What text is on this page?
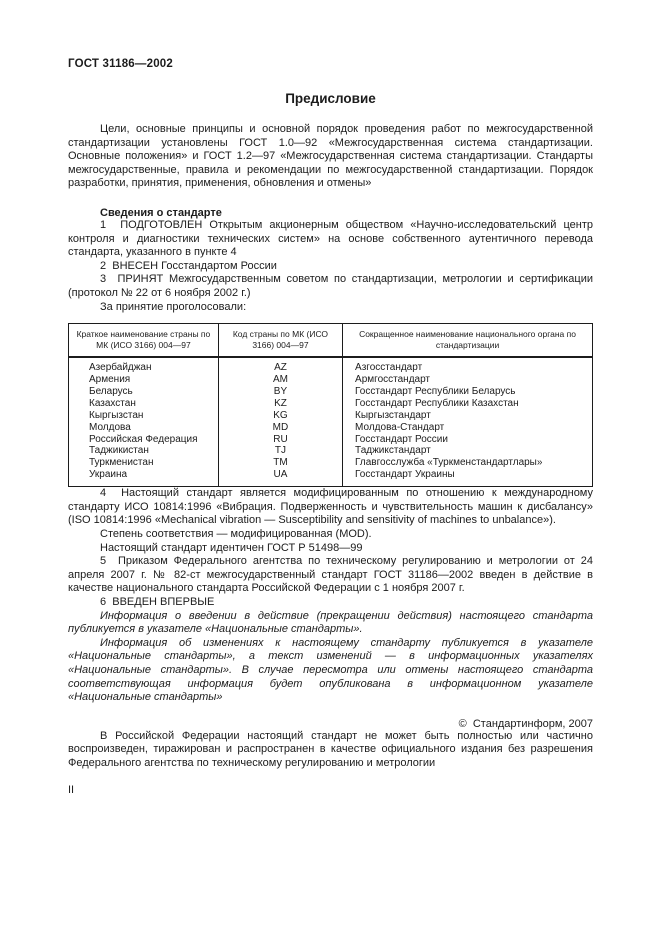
ГОСТ 31186—2002
Предисловие

Цели, основные принципы и основной порядок проведения работ по межгосударственной стандартизации установлены ГОСТ 1.0—92 «Межгосударственная система стандартизации. Основные положения» и ГОСТ 1.2—97 «Межгосударственная система стандартизации. Стандарты межгосударственные, правила и рекомендации по межгосударственной стандартизации. Порядок разработки, принятия, применения, обновления и отмены»

Сведения о стандарте

1  ПОДГОТОВЛЕН Открытым акционерным обществом «Научно-исследовательский центр контроля и диагностики технических систем» на основе собственного аутентичного перевода стандарта, указанного в пункте 4

2  ВНЕСЕН Госстандартом России

3  ПРИНЯТ Межгосударственным советом по стандартизации, метрологии и сертификации (протокол № 22 от 6 ноября 2002 г.)

За принятие проголосовали:

Краткое наименование страны по МК (ИСО 3166) 004—97	Код страны по МК (ИСО 3166) 004—97	Сокращенное наименование национального органа по стандартизации
Азербайджан	AZ	Азгосстандарт
Армения	AM	Армгосстандарт
Беларусь	BY	Госстандарт Республики Беларусь
Казахстан	KZ	Госстандарт Республики Казахстан
Кыргызстан	KG	Кыргызстандарт
Молдова	MD	Молдова-Стандарт
Российская Федерация	RU	Госстандарт России
Таджикистан	TJ	Таджикстандарт
Туркменистан	TM	Главгосслужба «Туркменстандартлары»
Украина	UA	Госстандарт Украины

4  Настоящий стандарт является модифицированным по отношению к международному стандарту ИСО 10814:1996 «Вибрация. Подверженность и чувствительность машин к дисбалансу» (ISO 10814:1996 «Mechanical vibration — Susceptibility and sensitivity of machines to unbalance»).

Степень соответствия — модифицированная (MOD).

Настоящий стандарт идентичен ГОСТ Р 51498—99

5  Приказом Федерального агентства по техническому регулированию и метрологии от 24 апреля 2007 г. № 82-ст межгосударственный стандарт ГОСТ 31186—2002 введен в действие в качестве национального стандарта Российской Федерации с 1 ноября 2007 г.

6  ВВЕДЕН ВПЕРВЫЕ

Информация о введении в действие (прекращении действия) настоящего стандарта публикуется в указателе «Национальные стандарты».

Информация об изменениях к настоящему стандарту публикуется в указателе «Национальные стандарты», а текст изменений — в информационных указателях «Национальные стандарты». В случае пересмотра или отмены настоящего стандарта соответствующая информация будет опубликована в информационном указателе «Национальные стандарты»

©  Стандартинформ, 2007

В Российской Федерации настоящий стандарт не может быть полностью или частично воспроизведен, тиражирован и распространен в качестве официального издания без разрешения Федерального агентства по техническому регулированию и метрологии

II
